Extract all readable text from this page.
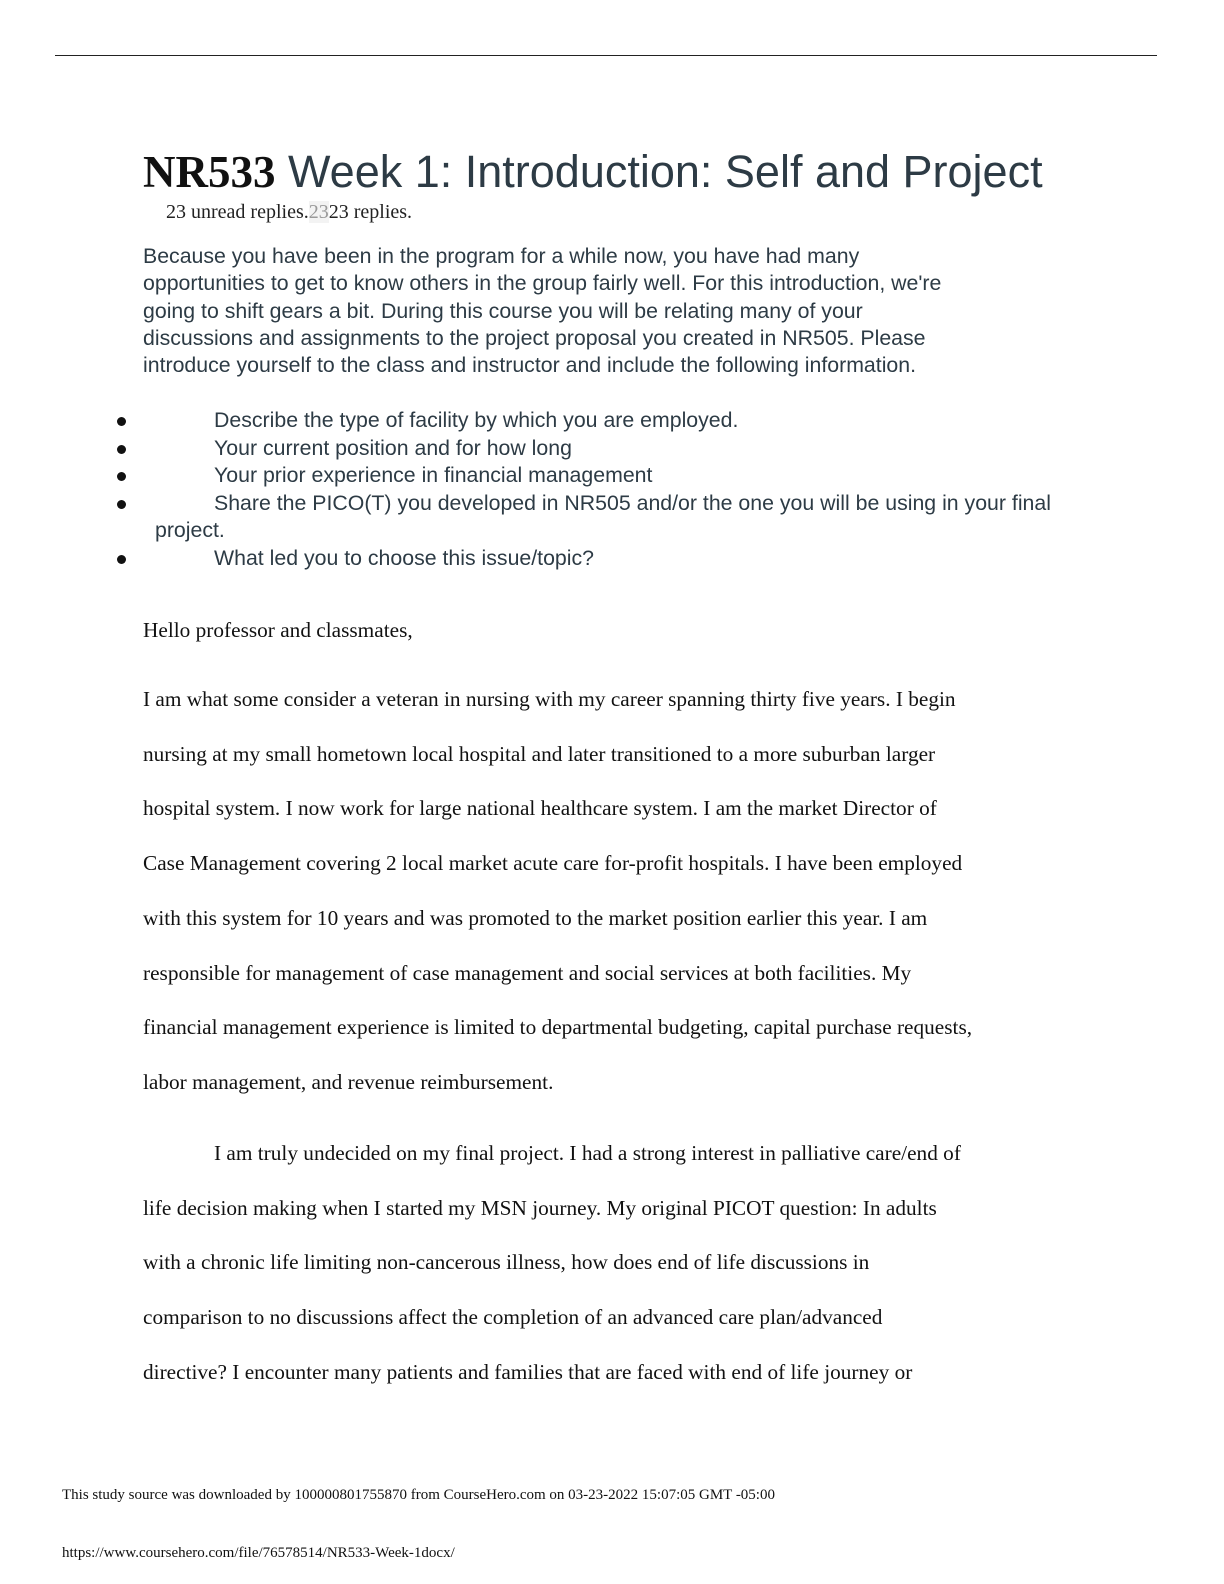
NR533 Week 1: Introduction: Self and Project
23 unread replies.2323 replies.
Because you have been in the program for a while now, you have had many
opportunities to get to know others in the group fairly well. For this introduction, we're
going to shift gears a bit. During this course you will be relating many of your
discussions and assignments to the project proposal you created in NR505. Please
introduce yourself to the class and instructor and include the following information.
Describe the type of facility by which you are employed.
Your current position and for how long
Your prior experience in financial management
Share the PICO(T) you developed in NR505 and/or the one you will be using in your final project.
What led you to choose this issue/topic?
Hello professor and classmates,
I am what some consider a veteran in nursing with my career spanning thirty five years. I begin
nursing at my small hometown local hospital and later transitioned to a more suburban larger
hospital system. I now work for large national healthcare system. I am the market Director of
Case Management covering 2 local market acute care for-profit hospitals. I have been employed
with this system for 10 years and was promoted to the market position earlier this year. I am
responsible for management of case management and social services at both facilities. My
financial management experience is limited to departmental budgeting, capital purchase requests,
labor management, and revenue reimbursement.
I am truly undecided on my final project. I had a strong interest in palliative care/end of
life decision making when I started my MSN journey. My original PICOT question: In adults
with a chronic life limiting non-cancerous illness, how does end of life discussions in
comparison to no discussions affect the completion of an advanced care plan/advanced
directive? I encounter many patients and families that are faced with end of life journey or
This study source was downloaded by 100000801755870 from CourseHero.com on 03-23-2022 15:07:05 GMT -05:00
https://www.coursehero.com/file/76578514/NR533-Week-1docx/
